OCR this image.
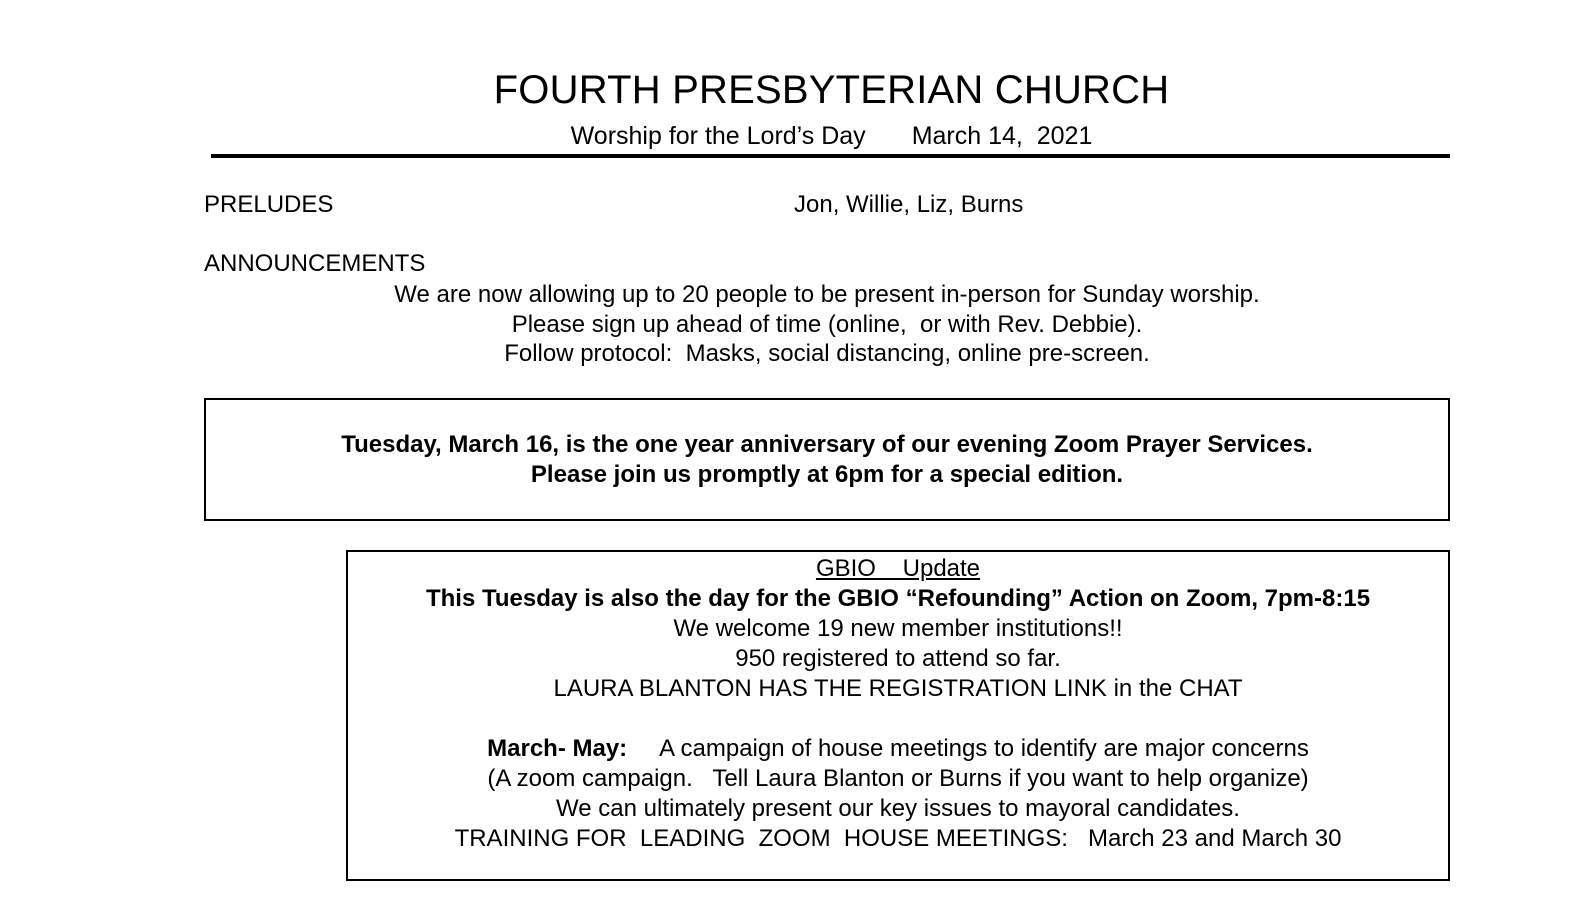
FOURTH PRESBYTERIAN CHURCH
Worship for the Lord’s Day March 14,  2021
PRELUDES	Jon, Willie, Liz, Burns
ANNOUNCEMENTS
We are now allowing up to 20 people to be present in-person for Sunday worship.
Please sign up ahead of time (online,  or with Rev. Debbie).
Follow protocol:  Masks, social distancing, online pre-screen.
Tuesday, March 16, is the one year anniversary of our evening Zoom Prayer Services.
Please join us promptly at 6pm for a special edition.
GBIO    Update
This Tuesday is also the day for the GBIO “Refounding” Action on Zoom, 7pm-8:15
We welcome 19 new member institutions!!
950 registered to attend so far.
LAURA BLANTON HAS THE REGISTRATION LINK in the CHAT
March- May: A campaign of house meetings to identify are major concerns
(A zoom campaign.   Tell Laura Blanton or Burns if you want to help organize)
We can ultimately present our key issues to mayoral candidates.
TRAINING FOR  LEADING  ZOOM  HOUSE MEETINGS:   March 23 and March 30
